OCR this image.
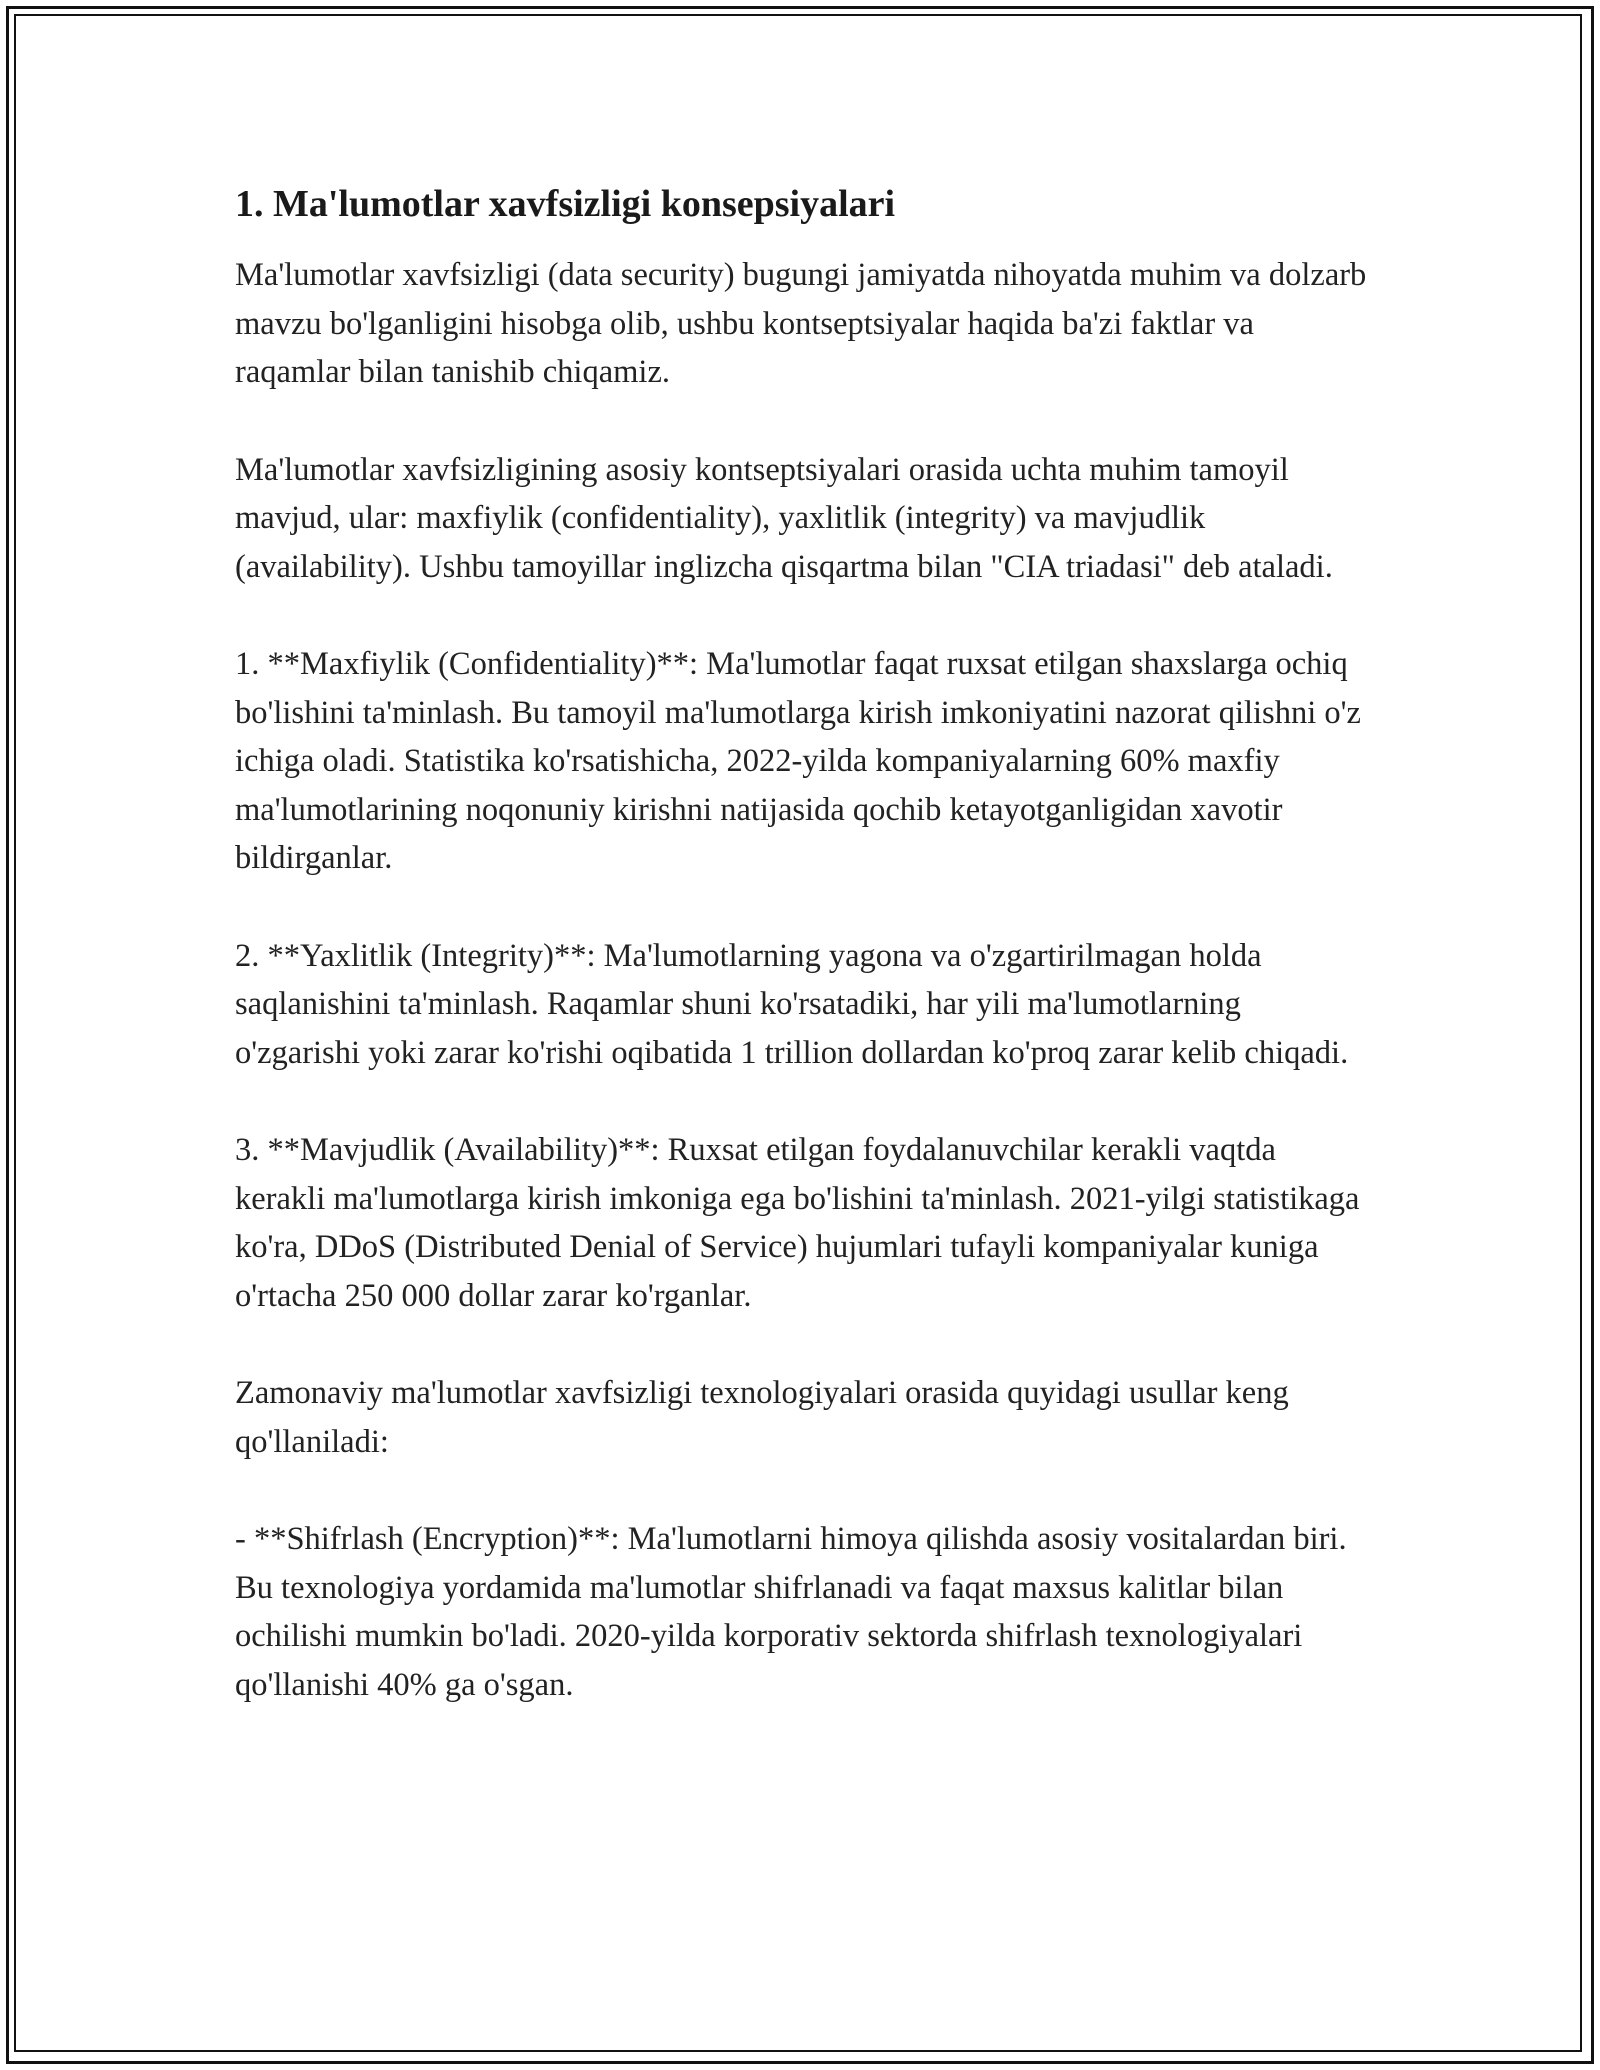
1. Ma'lumotlar xavfsizligi konsepsiyalari

Ma'lumotlar xavfsizligi (data security) bugungi jamiyatda nihoyatda muhim va dolzarb mavzu bo'lganligini hisobga olib, ushbu kontseptsiyalar haqida ba'zi faktlar va raqamlar bilan tanishib chiqamiz.

Ma'lumotlar xavfsizligining asosiy kontseptsiyalari orasida uchta muhim tamoyil mavjud, ular: maxfiylik (confidentiality), yaxlitlik (integrity) va mavjudlik (availability). Ushbu tamoyillar inglizcha qisqartma bilan "CIA triadasi" deb ataladi.

1. **Maxfiylik (Confidentiality)**: Ma'lumotlar faqat ruxsat etilgan shaxslarga ochiq bo'lishini ta'minlash. Bu tamoyil ma'lumotlarga kirish imkoniyatini nazorat qilishni o'z ichiga oladi. Statistika ko'rsatishicha, 2022-yilda kompaniyalarning 60% maxfiy ma'lumotlarining noqonuniy kirishni natijasida qochib ketayotganligidan xavotir bildirganlar.

2. **Yaxlitlik (Integrity)**: Ma'lumotlarning yagona va o'zgartirilmagan holda saqlanishini ta'minlash. Raqamlar shuni ko'rsatadiki, har yili ma'lumotlarning o'zgarishi yoki zarar ko'rishi oqibatida 1 trillion dollardan ko'proq zarar kelib chiqadi.

3. **Mavjudlik (Availability)**: Ruxsat etilgan foydalanuvchilar kerakli vaqtda kerakli ma'lumotlarga kirish imkoniga ega bo'lishini ta'minlash. 2021-yilgi statistikaga ko'ra, DDoS (Distributed Denial of Service) hujumlari tufayli kompaniyalar kuniga o'rtacha 250 000 dollar zarar ko'rganlar.

Zamonaviy ma'lumotlar xavfsizligi texnologiyalari orasida quyidagi usullar keng qo'llaniladi:

- **Shifrlash (Encryption)**: Ma'lumotlarni himoya qilishda asosiy vositalardan biri. Bu texnologiya yordamida ma'lumotlar shifrlanadi va faqat maxsus kalitlar bilan ochilishi mumkin bo'ladi. 2020-yilda korporativ sektorda shifrlash texnologiyalari qo'llanishi 40% ga o'sgan.
